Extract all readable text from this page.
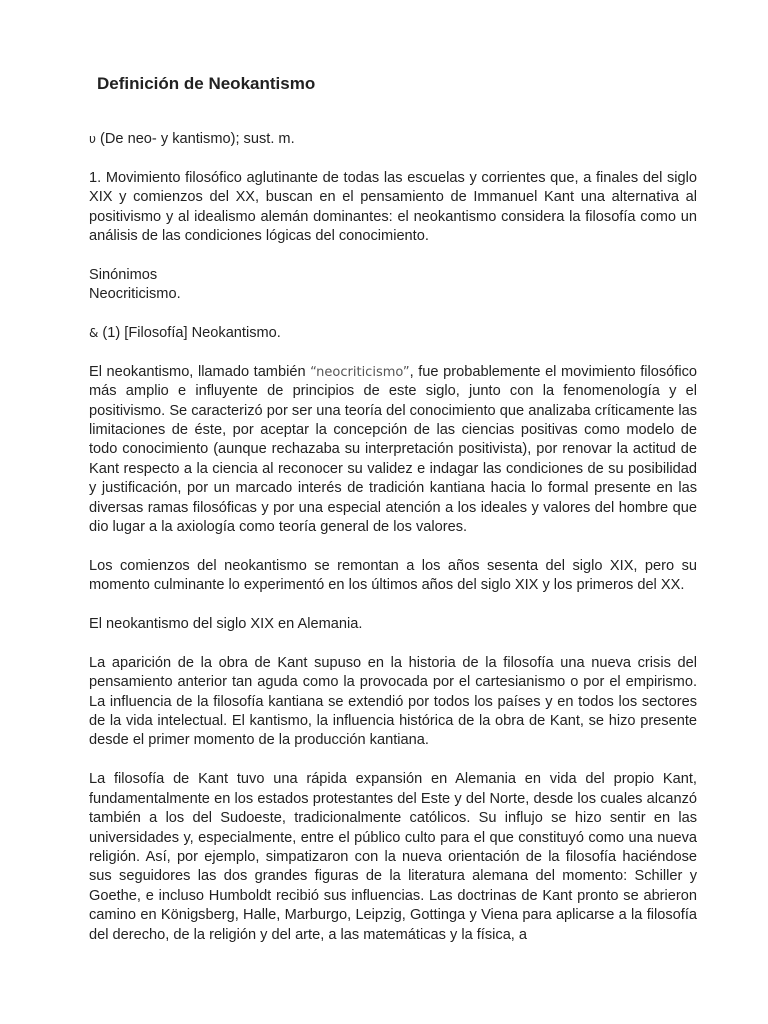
Definición de Neokantismo

υ (De neo- y kantismo); sust. m.

1. Movimiento filosófico aglutinante de todas las escuelas y corrientes que, a finales del siglo XIX y comienzos del XX, buscan en el pensamiento de Immanuel Kant una alternativa al positivismo y al idealismo alemán dominantes: el neokantismo considera la filosofía como un análisis de las condiciones lógicas del conocimiento.

Sinónimos

Neocriticismo.

& (1) [Filosofía] Neokantismo.

El neokantismo, llamado también “neocriticismo”, fue probablemente el movimiento filosófico más amplio e influyente de principios de este siglo, junto con la fenomenología y el positivismo. Se caracterizó por ser una teoría del conocimiento que analizaba críticamente las limitaciones de éste, por aceptar la concepción de las ciencias positivas como modelo de todo conocimiento (aunque rechazaba su interpretación positivista), por renovar la actitud de Kant respecto a la ciencia al reconocer su validez e indagar las condiciones de su posibilidad y justificación, por un marcado interés de tradición kantiana hacia lo formal presente en las diversas ramas filosóficas y por una especial atención a los ideales y valores del hombre que dio lugar a la axiología como teoría general de los valores.

Los comienzos del neokantismo se remontan a los años sesenta del siglo XIX, pero su momento culminante lo experimentó en los últimos años del siglo XIX y los primeros del XX.

El neokantismo del siglo XIX en Alemania.

La aparición de la obra de Kant supuso en la historia de la filosofía una nueva crisis del pensamiento anterior tan aguda como la provocada por el cartesianismo o por el empirismo. La influencia de la filosofía kantiana se extendió por todos los países y en todos los sectores de la vida intelectual. El kantismo, la influencia histórica de la obra de Kant, se hizo presente desde el primer momento de la producción kantiana.

La filosofía de Kant tuvo una rápida expansión en Alemania en vida del propio Kant, fundamentalmente en los estados protestantes del Este y del Norte, desde los cuales alcanzó también a los del Sudoeste, tradicionalmente católicos. Su influjo se hizo sentir en las universidades y, especialmente, entre el público culto para el que constituyó como una nueva religión. Así, por ejemplo, simpatizaron con la nueva orientación de la filosofía haciéndose sus seguidores las dos grandes figuras de la literatura alemana del momento: Schiller y Goethe, e incluso Humboldt recibió sus influencias. Las doctrinas de Kant pronto se abrieron camino en Königsberg, Halle, Marburgo, Leipzig, Gottinga y Viena para aplicarse a la filosofía del derecho, de la religión y del arte, a las matemáticas y la física, a
